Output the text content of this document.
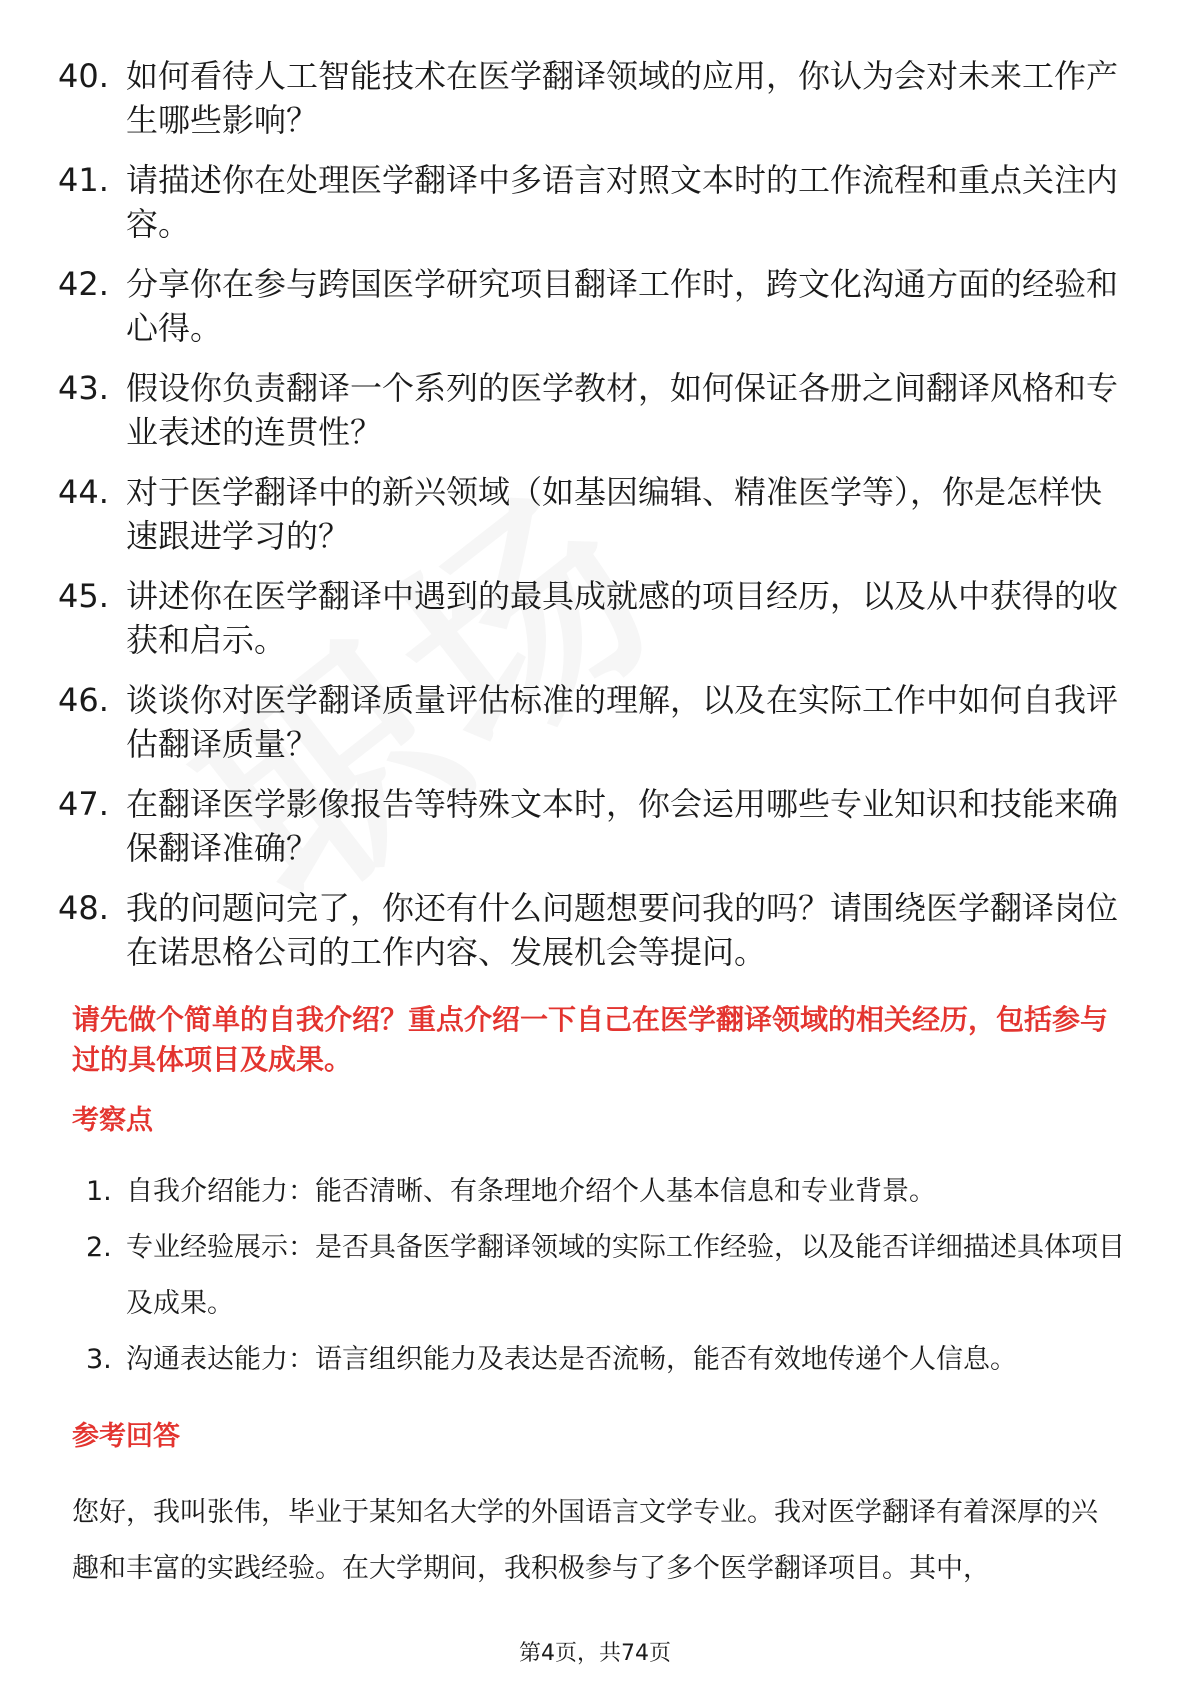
40. 如何看待人工智能技术在医学翻译领域的应用，你认为会对未来工作产生哪些影响？
41. 请描述你在处理医学翻译中多语言对照文本时的工作流程和重点关注内容。
42. 分享你在参与跨国医学研究项目翻译工作时，跨文化沟通方面的经验和心得。
43. 假设你负责翻译一个系列的医学教材，如何保证各册之间翻译风格和专业表述的连贯性？
44. 对于医学翻译中的新兴领域（如基因编辑、精准医学等），你是怎样快速跟进学习的？
45. 讲述你在医学翻译中遇到的最具成就感的项目经历，以及从中获得的收获和启示。
46. 谈谈你对医学翻译质量评估标准的理解，以及在实际工作中如何自我评估翻译质量？
47. 在翻译医学影像报告等特殊文本时，你会运用哪些专业知识和技能来确保翻译准确？
48. 我的问题问完了，你还有什么问题想要问我的吗？请围绕医学翻译岗位在诺思格公司的工作内容、发展机会等提问。
请先做个简单的自我介绍？重点介绍一下自己在医学翻译领域的相关经历，包括参与过的具体项目及成果。
考察点
1. 自我介绍能力：能否清晰、有条理地介绍个人基本信息和专业背景。
2. 专业经验展示：是否具备医学翻译领域的实际工作经验，以及能否详细描述具体项目及成果。
3. 沟通表达能力：语言组织能力及表达是否流畅，能否有效地传递个人信息。
参考回答
您好，我叫张伟，毕业于某知名大学的外国语言文学专业。我对医学翻译有着深厚的兴趣和丰富的实践经验。在大学期间，我积极参与了多个医学翻译项目。其中，
第4页，共74页
